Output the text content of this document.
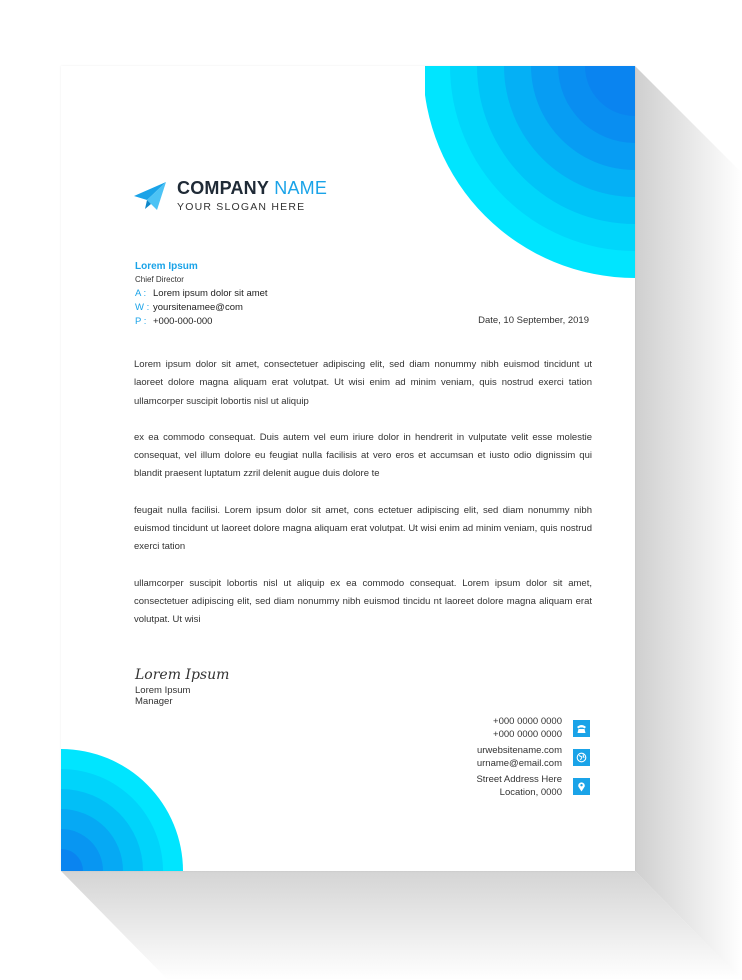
COMPANY NAME
YOUR SLOGAN HERE
Lorem Ipsum
Chief Director
A : Lorem ipsum dolor sit amet
W : yoursitenamee@com
P : +000-000-000	Date, 10 September, 2019

Lorem ipsum dolor sit amet, consectetuer adipiscing elit, sed diam nonummy nibh euismod tincidunt ut laoreet dolore magna aliquam erat volutpat. Ut wisi enim ad minim veniam, quis nostrud exerci tation ullamcorper suscipit lobortis nisl ut aliquip

ex ea commodo consequat. Duis autem vel eum iriure dolor in hendrerit in vulputate velit esse molestie consequat, vel illum dolore eu feugiat nulla facilisis at vero eros et accumsan et iusto odio dignissim qui blandit praesent luptatum zzril delenit augue duis dolore te

feugait nulla facilisi. Lorem ipsum dolor sit amet, cons ectetuer adipiscing elit, sed diam nonummy nibh euismod tincidunt ut laoreet dolore magna aliquam erat volutpat. Ut wisi enim ad minim veniam, quis nostrud exerci tation

ullamcorper suscipit lobortis nisl ut aliquip ex ea commodo consequat. Lorem ipsum dolor sit amet, consectetuer adipiscing elit, sed diam nonummy nibh euismod tincidu nt laoreet dolore magna aliquam erat volutpat. Ut wisi

Lorem Ipsum
Lorem Ipsum
Manager
+000 0000 0000
+000 0000 0000
urwebsitename.com
urname@email.com
Street Address Here
Location, 0000
